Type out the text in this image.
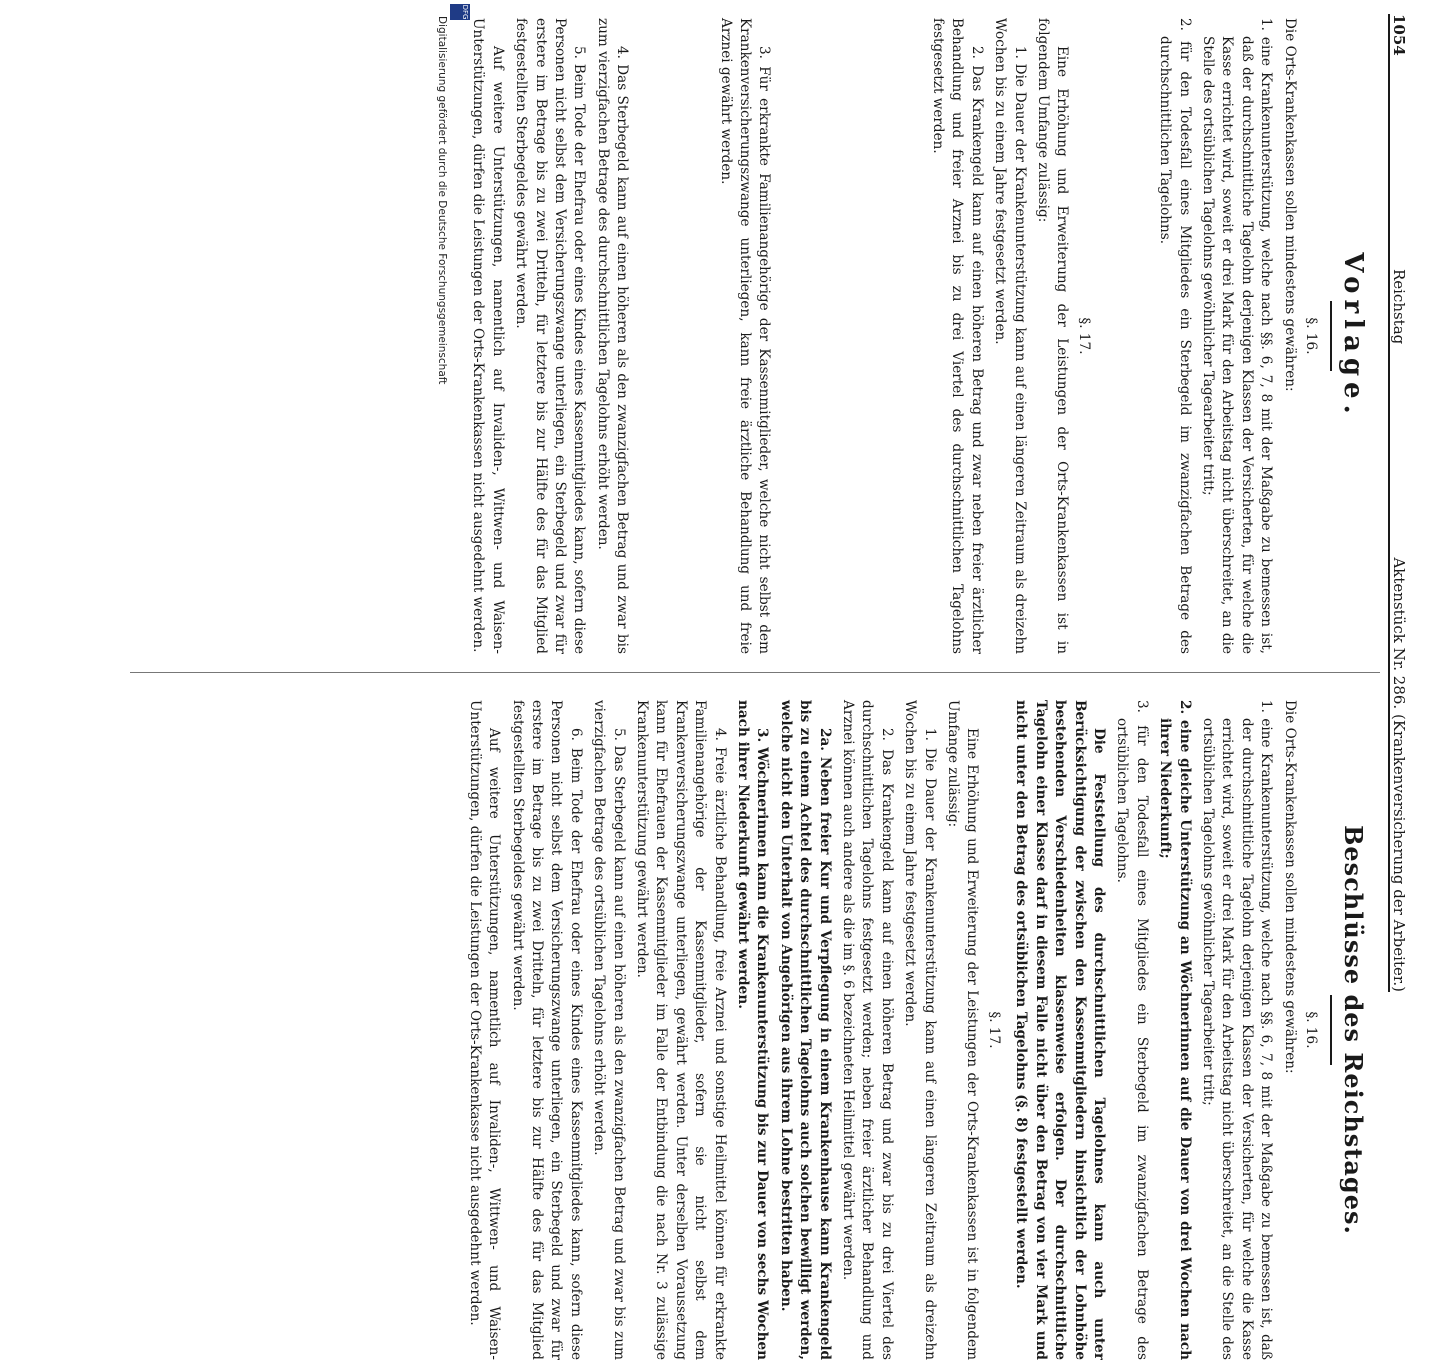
1054
Reichstag
Aktenstück Nr. 286. (Krankenversicherung der Arbeiter.)
Vorlage.
§. 16.

Die Orts-Krankenkassen sollen mindestens gewähren:

1. eine Krankenunterstützung, welche nach §§. 6, 7, 8 mit der Maßgabe zu bemessen ist, daß der durchschnittliche Tagelohn derjenigen Klassen der Versicherten, für welche die Kasse errichtet wird, soweit er drei Mark für den Arbeitstag nicht überschreitet, an die Stelle des ortsüblichen Tagelohns gewöhnlicher Tagearbeiter tritt;

2. für den Todesfall eines Mitgliedes ein Sterbegeld im zwanzigfachen Betrage des durchschnittlichen Tagelohns.

§. 17.

Eine Erhöhung und Erweiterung der Leistungen der Orts-Krankenkassen ist in folgendem Umfange zulässig:

1. Die Dauer der Krankenunterstützung kann auf einen längeren Zeitraum als dreizehn Wochen bis zu einem Jahre festgesetzt werden.

2. Das Krankengeld kann auf einen höheren Betrag und zwar neben freier ärztlicher Behandlung und freier Arznei bis zu drei Viertel des durchschnittlichen Tagelohns festgesetzt werden.

3. Für erkrankte Familienangehörige der Kassenmitglieder, welche nicht selbst dem Krankenversicherungszwange unterliegen, kann freie ärztliche Behandlung und freie Arznei gewährt werden.

4. Das Sterbegeld kann auf einen höheren als den zwanzigfachen Betrag und zwar bis zum vierzigfachen Betrage des durchschnittlichen Tagelohns erhöht werden.

5. Beim Tode der Ehefrau oder eines Kindes eines Kassenmitgliedes kann, sofern diese Personen nicht selbst dem Versicherungszwange unterliegen, ein Sterbegeld und zwar für erstere im Betrage bis zu zwei Dritteln, für letztere bis zur Hälfte des für das Mitglied festgestellten Sterbegeldes gewährt werden.

Auf weitere Unterstützungen, namentlich auf Invaliden-, Wittwen- und Waisen-Unterstützungen, dürfen die Leistungen der Orts-Krankenkassen nicht ausgedehnt werden.

Beschlüsse des Reichstages.
§. 16.

Die Orts-Krankenkassen sollen mindestens gewähren:

1. eine Krankenunterstützung, welche nach §§. 6, 7, 8 mit der Maßgabe zu bemessen ist, daß der durchschnittliche Tagelohn derjenigen Klassen der Versicherten, für welche die Kasse errichtet wird, soweit er drei Mark für den Arbeitstag nicht überschreitet, an die Stelle des ortsüblichen Tagelohns gewöhnlicher Tagearbeiter tritt;

2. eine gleiche Unterstützung an Wöchnerinnen auf die Dauer von drei Wochen nach ihrer Niederkunft;

3. für den Todesfall eines Mitgliedes ein Sterbegeld im zwanzigfachen Betrage des ortsüblichen Tagelohns.

Die Feststellung des durchschnittlichen Tagelohnes kann auch unter Berücksichtigung der zwischen den Kassenmitgliedern hinsichtlich der Lohnhöhe bestehenden Verschiedenheiten klassenweise erfolgen. Der durchschnittliche Tagelohn einer Klasse darf in diesem Falle nicht über den Betrag von vier Mark und nicht unter den Betrag des ortsüblichen Tagelohns (§. 8) festgestellt werden.

§. 17.

Eine Erhöhung und Erweiterung der Leistungen der Orts-Krankenkassen ist in folgendem Umfange zulässig:

1. Die Dauer der Krankenunterstützung kann auf einen längeren Zeitraum als dreizehn Wochen bis zu einem Jahre festgesetzt werden.

2. Das Krankengeld kann auf einen höheren Betrag und zwar bis zu drei Viertel des durchschnittlichen Tagelohns festgesetzt werden; neben freier ärztlicher Behandlung und Arznei können auch andere als die im §. 6 bezeichneten Heilmittel gewährt werden.

2a. Neben freier Kur und Verpflegung in einem Krankenhause kann Krankengeld bis zu einem Achtel des durchschnittlichen Tagelohns auch solchen bewilligt werden, welche nicht den Unterhalt von Angehörigen aus ihrem Lohne bestritten haben.

3. Wöchnerinnen kann die Krankenunterstützung bis zur Dauer von sechs Wochen nach ihrer Niederkunft gewährt werden.

4. Freie ärztliche Behandlung, freie Arznei und sonstige Heilmittel können für erkrankte Familienangehörige der Kassenmitglieder, sofern sie nicht selbst dem Krankenversicherungszwange unterliegen, gewährt werden. Unter derselben Voraussetzung kann für Ehefrauen der Kassenmitglieder im Falle der Entbindung die nach Nr. 3 zulässige Krankenunterstützung gewährt werden.

5. Das Sterbegeld kann auf einen höheren als den zwanzigfachen Betrag und zwar bis zum vierzigfachen Betrage des ortsüblichen Tagelohns erhöht werden.

6. Beim Tode der Ehefrau oder eines Kindes eines Kassenmitgliedes kann, sofern diese Personen nicht selbst dem Versicherungszwange unterliegen, ein Sterbegeld und zwar für erstere im Betrage bis zu zwei Dritteln, für letztere bis zur Hälfte des für das Mitglied festgestellten Sterbegeldes gewährt werden.

Auf weitere Unterstützungen, namentlich auf Invaliden-, Wittwen- und Waisen-Unterstützungen, dürfen die Leistungen der Orts-Krankenkasse nicht ausgedehnt werden.

DFG
Digitalisierung gefördert durch die Deutsche Forschungsgemeinschaft
